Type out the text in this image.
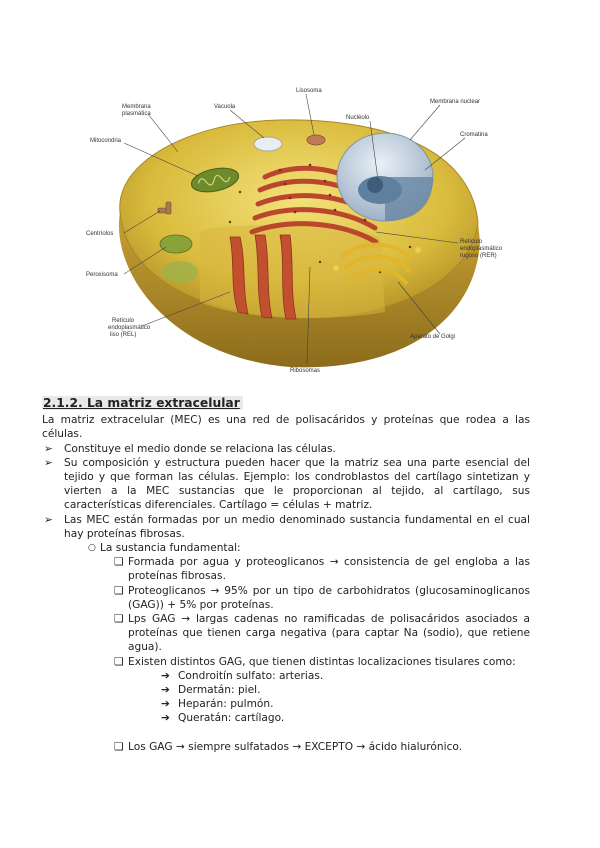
Membrana
plasmática
Vacuola
Lisosoma
Nucléolo
Membrana nuclear
Cromatina
Mitocondria
Centríolos
Retículo
endoplasmático
rugoso (RER)
Peroxisoma
Retículo
endoplasmático
liso (REL)	Aparato de Golgi
Ribosomas
2.1.2. La matriz extracelular

La matriz extracelular (MEC) es una red de polisacáridos y proteínas que rodea a las células.

➢	Constituye el medio donde se relaciona las células.
➢	Su composición y estructura pueden hacer que la matriz sea una parte esencial del tejido y que forman las células. Ejemplo: los condroblastos del cartílago sintetizan y vierten a la MEC sustancias que le proporcionan al tejido, al cartílago, sus características diferenciales. Cartílago = células + matriz.
➢	Las MEC están formadas por un medio denominado sustancia fundamental en el cual hay proteínas fibrosas.
○ La sustancia fundamental:
❏ Formada por agua y proteoglicanos → consistencia de gel engloba a las proteínas fibrosas.
❏ Proteoglicanos → 95% por un tipo de carbohidratos (glucosaminoglicanos (GAG)) + 5% por proteínas.
❏ Lps GAG → largas cadenas no ramificadas de polisacáridos asociados a proteínas que tienen carga negativa (para captar Na (sodio), que retiene agua).
❏ Existen distintos GAG, que tienen distintas localizaciones tisulares como:
➔ Condroitín sulfato: arterias.
➔ Dermatán: piel.
➔ Heparán: pulmón.
➔ Queratán: cartílago.
❏ Los GAG → siempre sulfatados → EXCEPTO → ácido hialurónico.
